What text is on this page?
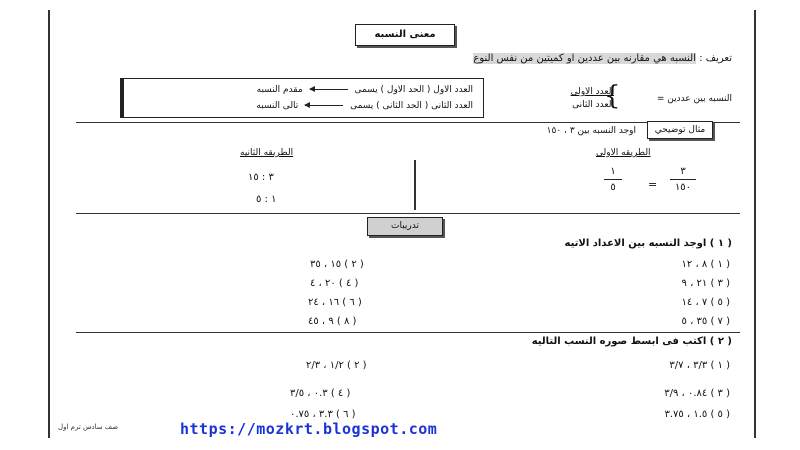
معنى النسبه
تعريف : النسبه هي مقارنه بين عددين او كميتين من نفس النوع
النسبه بين عددين =
{
العدد الاولى
العدد الثانى
العدد الاول ( الحد الاول ) يسمى  مقدم النسبه
العدد الثانى ( الحد الثانى ) يسمى  تالى النسبه
مثال توضيحي
اوجد النسبه بين ٣ ، ١٥٠
الطريقه الاولى
الطريقه الثانيه
٣
١٥٠
=
١
٥
٣ : ١٥
١ : ٥
تدريبات
( ١ ) اوجد النسبه بين الاعداد الاتيه
( ١ ) ٨ ، ١٢
( ٢ ) ١٥ ، ٣٥
( ٣ ) ٢١ ، ٩
( ٤ ) ٢٠ ، ٤
( ٥ ) ٧ ، ١٤
( ٦ ) ١٦ ، ٢٤
( ٧ ) ٣٥ ، ٥
( ٨ ) ٩ ، ٤٥
( ٢ ) اكتب فى ابسط صوره النسب التاليه
( ١ ) ٣/٣ ، ٣/٧
( ٢ ) ١/٢ ، ٢/٣
( ٣ ) ٠.٨٤ ، ٣/٩
( ٤ ) ٠.٣ ، ٣/٥
( ٥ ) ١.٥ ، ٣.٧٥
( ٦ ) ٣.٣ ، ٠.٧٥
صف سادس ترم اول	https://mozkrt.blogspot.com
